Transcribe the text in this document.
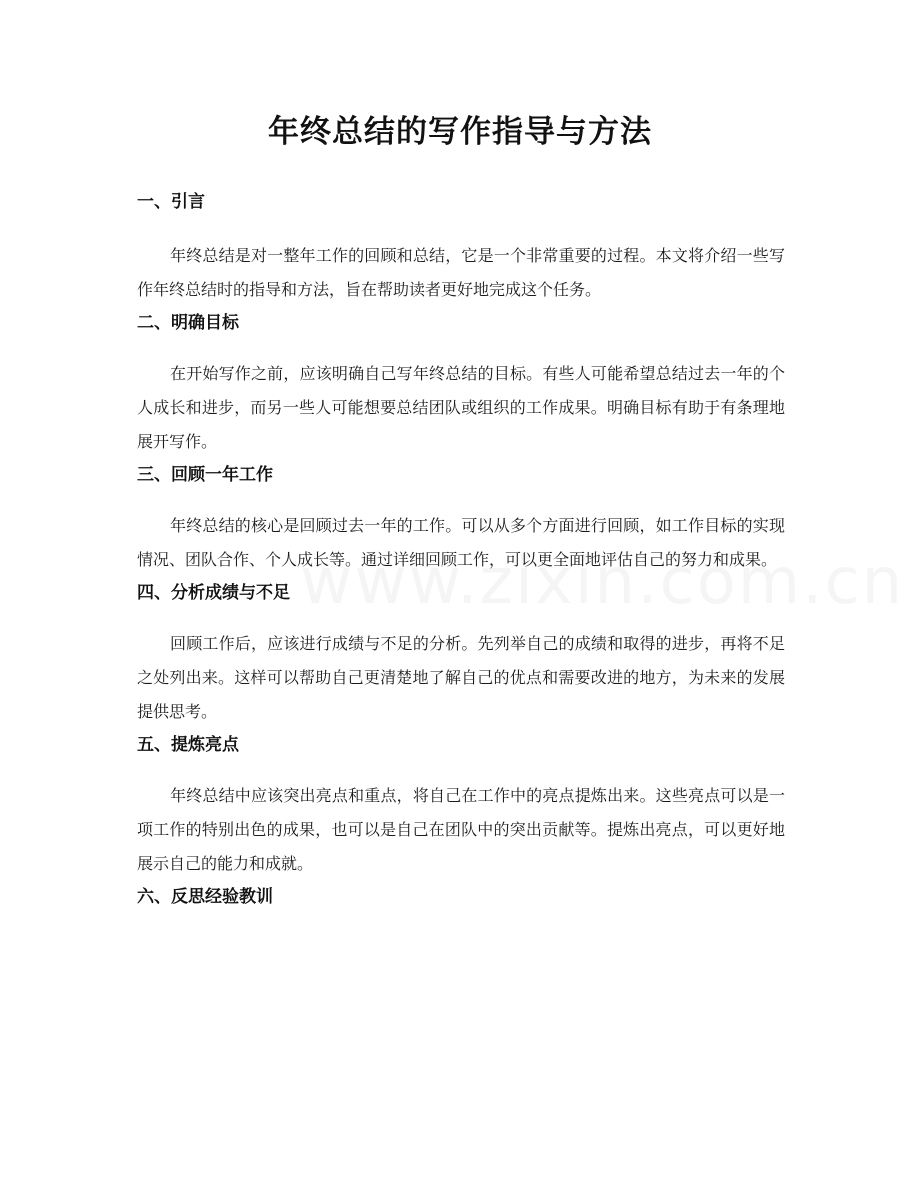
年终总结的写作指导与方法
一、引言

年终总结是对一整年工作的回顾和总结，它是一个非常重要的过程。本文将介绍一些写作年终总结时的指导和方法，旨在帮助读者更好地完成这个任务。

二、明确目标

在开始写作之前，应该明确自己写年终总结的目标。有些人可能希望总结过去一年的个人成长和进步，而另一些人可能想要总结团队或组织的工作成果。明确目标有助于有条理地展开写作。

三、回顾一年工作

年终总结的核心是回顾过去一年的工作。可以从多个方面进行回顾，如工作目标的实现情况、团队合作、个人成长等。通过详细回顾工作，可以更全面地评估自己的努力和成果。

四、分析成绩与不足

回顾工作后，应该进行成绩与不足的分析。先列举自己的成绩和取得的进步，再将不足之处列出来。这样可以帮助自己更清楚地了解自己的优点和需要改进的地方，为未来的发展提供思考。

五、提炼亮点

年终总结中应该突出亮点和重点，将自己在工作中的亮点提炼出来。这些亮点可以是一项工作的特别出色的成果，也可以是自己在团队中的突出贡献等。提炼出亮点，可以更好地展示自己的能力和成就。

六、反思经验教训
